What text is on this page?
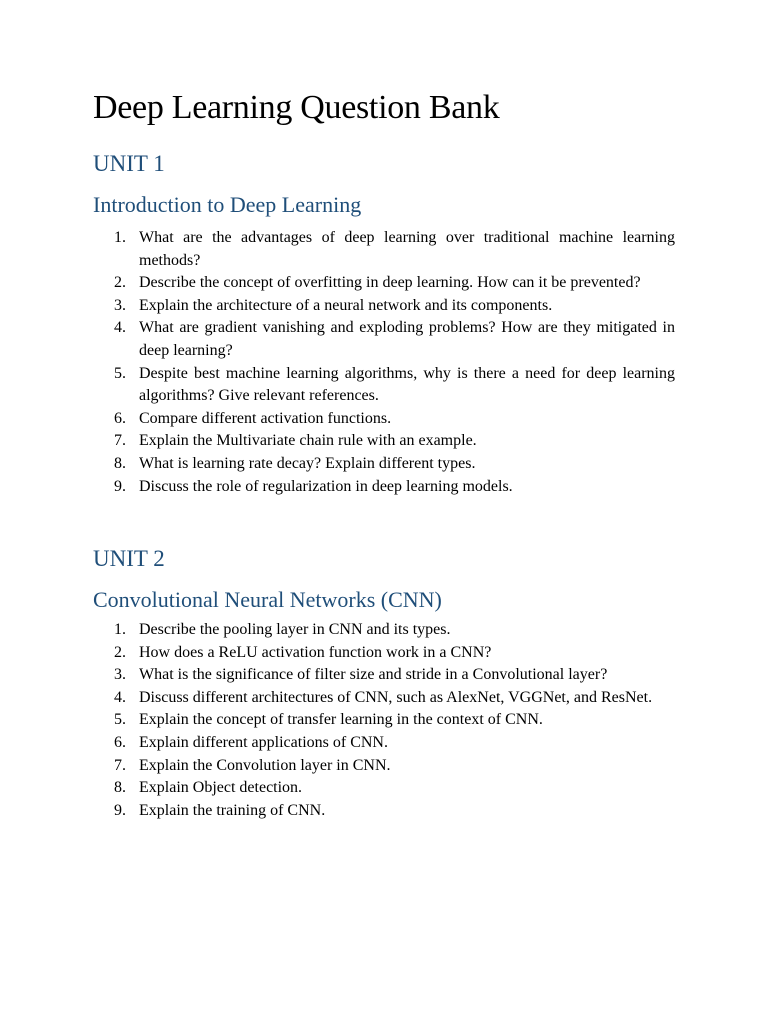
Deep Learning Question Bank
UNIT 1
Introduction to Deep Learning
1. What are the advantages of deep learning over traditional machine learning methods?
2. Describe the concept of overfitting in deep learning. How can it be prevented?
3. Explain the architecture of a neural network and its components.
4. What are gradient vanishing and exploding problems? How are they mitigated in deep learning?
5. Despite best machine learning algorithms, why is there a need for deep learning algorithms? Give relevant references.
6. Compare different activation functions.
7. Explain the Multivariate chain rule with an example.
8. What is learning rate decay? Explain different types.
9. Discuss the role of regularization in deep learning models.
UNIT 2
Convolutional Neural Networks (CNN)
1. Describe the pooling layer in CNN and its types.
2. How does a ReLU activation function work in a CNN?
3. What is the significance of filter size and stride in a Convolutional layer?
4. Discuss different architectures of CNN, such as AlexNet, VGGNet, and ResNet.
5. Explain the concept of transfer learning in the context of CNN.
6. Explain different applications of CNN.
7. Explain the Convolution layer in CNN.
8. Explain Object detection.
9. Explain the training of CNN.
